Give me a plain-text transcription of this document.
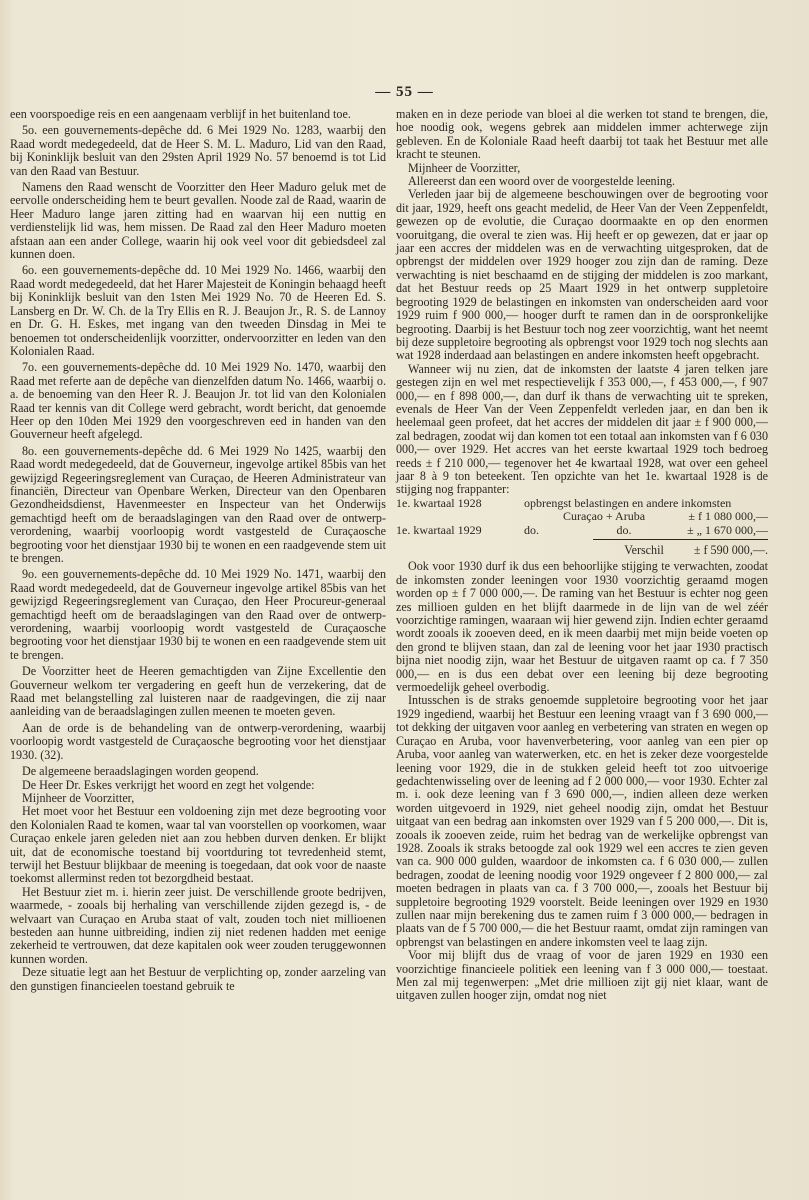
— 55 —

een voorspoedige reis en een aangenaam verblijf in het buitenland toe.

5o. een gouvernements-depêche dd. 6 Mei 1929 No. 1283, waarbij den Raad wordt medegedeeld, dat de Heer S. M. L. Maduro, Lid van den Raad, bij Koninklijk besluit van den 29sten April 1929 No. 57 benoemd is tot Lid van den Raad van Bestuur.

Namens den Raad wenscht de Voorzitter den Heer Maduro geluk met de eervolle onderscheiding hem te beurt gevallen. Noode zal de Raad, waarin de Heer Maduro lange jaren zitting had en waarvan hij een nuttig en verdienstelijk lid was, hem missen. De Raad zal den Heer Maduro moeten afstaan aan een ander College, waarin hij ook veel voor dit gebiedsdeel zal kunnen doen.

6o. een gouvernements-depêche dd. 10 Mei 1929 No. 1466, waarbij den Raad wordt medegedeeld, dat het Harer Majesteit de Koningin behaagd heeft bij Koninklijk besluit van den 1sten Mei 1929 No. 70 de Heeren Ed. S. Lansberg en Dr. W. Ch. de la Try Ellis en R. J. Beaujon Jr., R. S. de Lannoy en Dr. G. H. Eskes, met ingang van den tweeden Dinsdag in Mei te benoemen tot onderscheidenlijk voorzitter, ondervoorzitter en leden van den Kolonialen Raad.

7o. een gouvernements-depêche dd. 10 Mei 1929 No. 1470, waarbij den Raad met referte aan de depêche van dienzelfden datum No. 1466, waarbij o. a. de benoeming van den Heer R. J. Beaujon Jr. tot lid van den Kolonialen Raad ter kennis van dit College werd gebracht, wordt bericht, dat genoemde Heer op den 10den Mei 1929 den voorgeschreven eed in handen van den Gouverneur heeft afgelegd.

8o. een gouvernements-depêche dd. 6 Mei 1929 No 1425, waarbij den Raad wordt medegedeeld, dat de Gouverneur, ingevolge artikel 85bis van het gewijzigd Regeeringsreglement van Curaçao, de Heeren Administrateur van financiën, Directeur van Openbare Werken, Directeur van den Openbaren Gezondheidsdienst, Havenmeester en Inspecteur van het Onderwijs gemachtigd heeft om de beraadslagingen van den Raad over de ontwerp-verordening, waarbij voorloopig wordt vastgesteld de Curaçaosche begrooting voor het dienstjaar 1930 bij te wonen en een raadgevende stem uit te brengen.

9o. een gouvernements-depêche dd. 10 Mei 1929 No. 1471, waarbij den Raad wordt medegedeeld, dat de Gouverneur ingevolge artikel 85bis van het gewijzigd Regeeringsreglement van Curaçao, den Heer Procureur-generaal gemachtigd heeft om de beraadslagingen van den Raad over de ontwerp-verordening, waarbij voorloopig wordt vastgesteld de Curaçaosche begrooting voor het dienstjaar 1930 bij te wonen en een raadgevende stem uit te brengen.

De Voorzitter heet de Heeren gemachtigden van Zijne Excellentie den Gouverneur welkom ter vergadering en geeft hun de verzekering, dat de Raad met belangstelling zal luisteren naar de raadgevingen, die zij naar aanleiding van de beraadslagingen zullen meenen te moeten geven.

Aan de orde is de behandeling van de ontwerp-verordening, waarbij voorloopig wordt vastgesteld de Curaçaosche begrooting voor het dienstjaar 1930. (32).

De algemeene beraadslagingen worden geopend.

De Heer Dr. Eskes verkrijgt het woord en zegt het volgende:

Mijnheer de Voorzitter,

Het moet voor het Bestuur een voldoening zijn met deze begrooting voor den Kolonialen Raad te komen, waar tal van voorstellen op voorkomen, waar Curaçao enkele jaren geleden niet aan zou hebben durven denken. Er blijkt uit, dat de economische toestand bij voortduring tot tevredenheid stemt, terwijl het Bestuur blijkbaar de meening is toegedaan, dat ook voor de naaste toekomst allerminst reden tot bezorgdheid bestaat.

Het Bestuur ziet m. i. hierin zeer juist. De verschillende groote bedrijven, waarmede, - zooals bij herhaling van verschillende zijden gezegd is, - de welvaart van Curaçao en Aruba staat of valt, zouden toch niet millioenen besteden aan hunne uitbreiding, indien zij niet redenen hadden met eenige zekerheid te vertrouwen, dat deze kapitalen ook weer zouden teruggewonnen kunnen worden.

Deze situatie legt aan het Bestuur de verplichting op, zonder aarzeling van den gunstigen financieelen toestand gebruik te

maken en in deze periode van bloei al die werken tot stand te brengen, die, hoe noodig ook, wegens gebrek aan middelen immer achterwege zijn gebleven. En de Koloniale Raad heeft daarbij tot taak het Bestuur met alle kracht te steunen.

Mijnheer de Voorzitter,

Allereerst dan een woord over de voorgestelde leening.

Verleden jaar bij de algemeene beschouwingen over de begrooting voor dit jaar, 1929, heeft ons geacht medelid, de Heer Van der Veen Zeppenfeldt, gewezen op de evolutie, die Curaçao doormaakte en op den enormen vooruitgang, die overal te zien was. Hij heeft er op gewezen, dat er jaar op jaar een accres der middelen was en de verwachting uitgesproken, dat de opbrengst der middelen over 1929 hooger zou zijn dan de raming. Deze verwachting is niet beschaamd en de stijging der middelen is zoo markant, dat het Bestuur reeds op 25 Maart 1929 in het ontwerp suppletoire begrooting 1929 de belastingen en inkomsten van onderscheiden aard voor 1929 ruim f 900 000,— hooger durft te ramen dan in de oorspronkelijke begrooting. Daarbij is het Bestuur toch nog zeer voorzichtig, want het neemt bij deze suppletoire begrooting als opbrengst voor 1929 toch nog slechts aan wat 1928 inderdaad aan belastingen en andere inkomsten heeft opgebracht.

Wanneer wij nu zien, dat de inkomsten der laatste 4 jaren telken jare gestegen zijn en wel met respectievelijk f 353 000,—, f 453 000,—, f 907 000,— en f 898 000,—, dan durf ik thans de verwachting uit te spreken, evenals de Heer Van der Veen Zeppenfeldt verleden jaar, en dan ben ik heelemaal geen profeet, dat het accres der middelen dit jaar ± f 900 000,— zal bedragen, zoodat wij dan komen tot een totaal aan inkomsten van f 6 030 000,— over 1929. Het accres van het eerste kwartaal 1929 toch bedroeg reeds ± f 210 000,— tegenover het 4e kwartaal 1928, wat over een geheel jaar 8 à 9 ton beteekent. Ten opzichte van het 1e. kwartaal 1928 is de stijging nog frappanter:

1e. kwartaal 1928	opbrengst belastingen en andere inkomsten
Curaçao + Aruba	± f 1 080 000,—
1e. kwartaal 1929	do.	do.	± „ 1 670 000,—
Verschil ± f 590 000,—.

Ook voor 1930 durf ik dus een behoorlijke stijging te verwachten, zoodat de inkomsten zonder leeningen voor 1930 voorzichtig geraamd mogen worden op ± f 7 000 000,—. De raming van het Bestuur is echter nog geen zes millioen gulden en het blijft daarmede in de lijn van de wel zéér voorzichtige ramingen, waaraan wij hier gewend zijn. Indien echter geraamd wordt zooals ik zooeven deed, en ik meen daarbij met mijn beide voeten op den grond te blijven staan, dan zal de leening voor het jaar 1930 practisch bijna niet noodig zijn, waar het Bestuur de uitgaven raamt op ca. f 7 350 000,— en is dus een debat over een leening bij deze begrooting vermoedelijk geheel overbodig.

Intusschen is de straks genoemde suppletoire begrooting voor het jaar 1929 ingediend, waarbij het Bestuur een leening vraagt van f 3 690 000,— tot dekking der uitgaven voor aanleg en verbetering van straten en wegen op Curaçao en Aruba, voor havenverbetering, voor aanleg van een pier op Aruba, voor aanleg van waterwerken, etc. en het is zeker deze voorgestelde leening voor 1929, die in de stukken geleid heeft tot zoo uitvoerige gedachtenwisseling over de leening ad f 2 000 000,— voor 1930. Echter zal m. i. ook deze leening van f 3 690 000,—, indien alleen deze werken worden uitgevoerd in 1929, niet geheel noodig zijn, omdat het Bestuur uitgaat van een bedrag aan inkomsten over 1929 van f 5 200 000,—. Dit is, zooals ik zooeven zeide, ruim het bedrag van de werkelijke opbrengst van 1928. Zooals ik straks betoogde zal ook 1929 wel een accres te zien geven van ca. 900 000 gulden, waardoor de inkomsten ca. f 6 030 000,— zullen bedragen, zoodat de leening noodig voor 1929 ongeveer f 2 800 000,— zal moeten bedragen in plaats van ca. f 3 700 000,—, zooals het Bestuur bij suppletoire begrooting 1929 voorstelt. Beide leeningen over 1929 en 1930 zullen naar mijn berekening dus te zamen ruim f 3 000 000,— bedragen in plaats van de f 5 700 000,— die het Bestuur raamt, omdat zijn ramingen van opbrengst van belastingen en andere inkomsten veel te laag zijn.

Voor mij blijft dus de vraag of voor de jaren 1929 en 1930 een voorzichtige financieele politiek een leening van f 3 000 000,— toestaat. Men zal mij tegenwerpen: „Met drie millioen zijt gij niet klaar, want de uitgaven zullen hooger zijn, omdat nog niet
